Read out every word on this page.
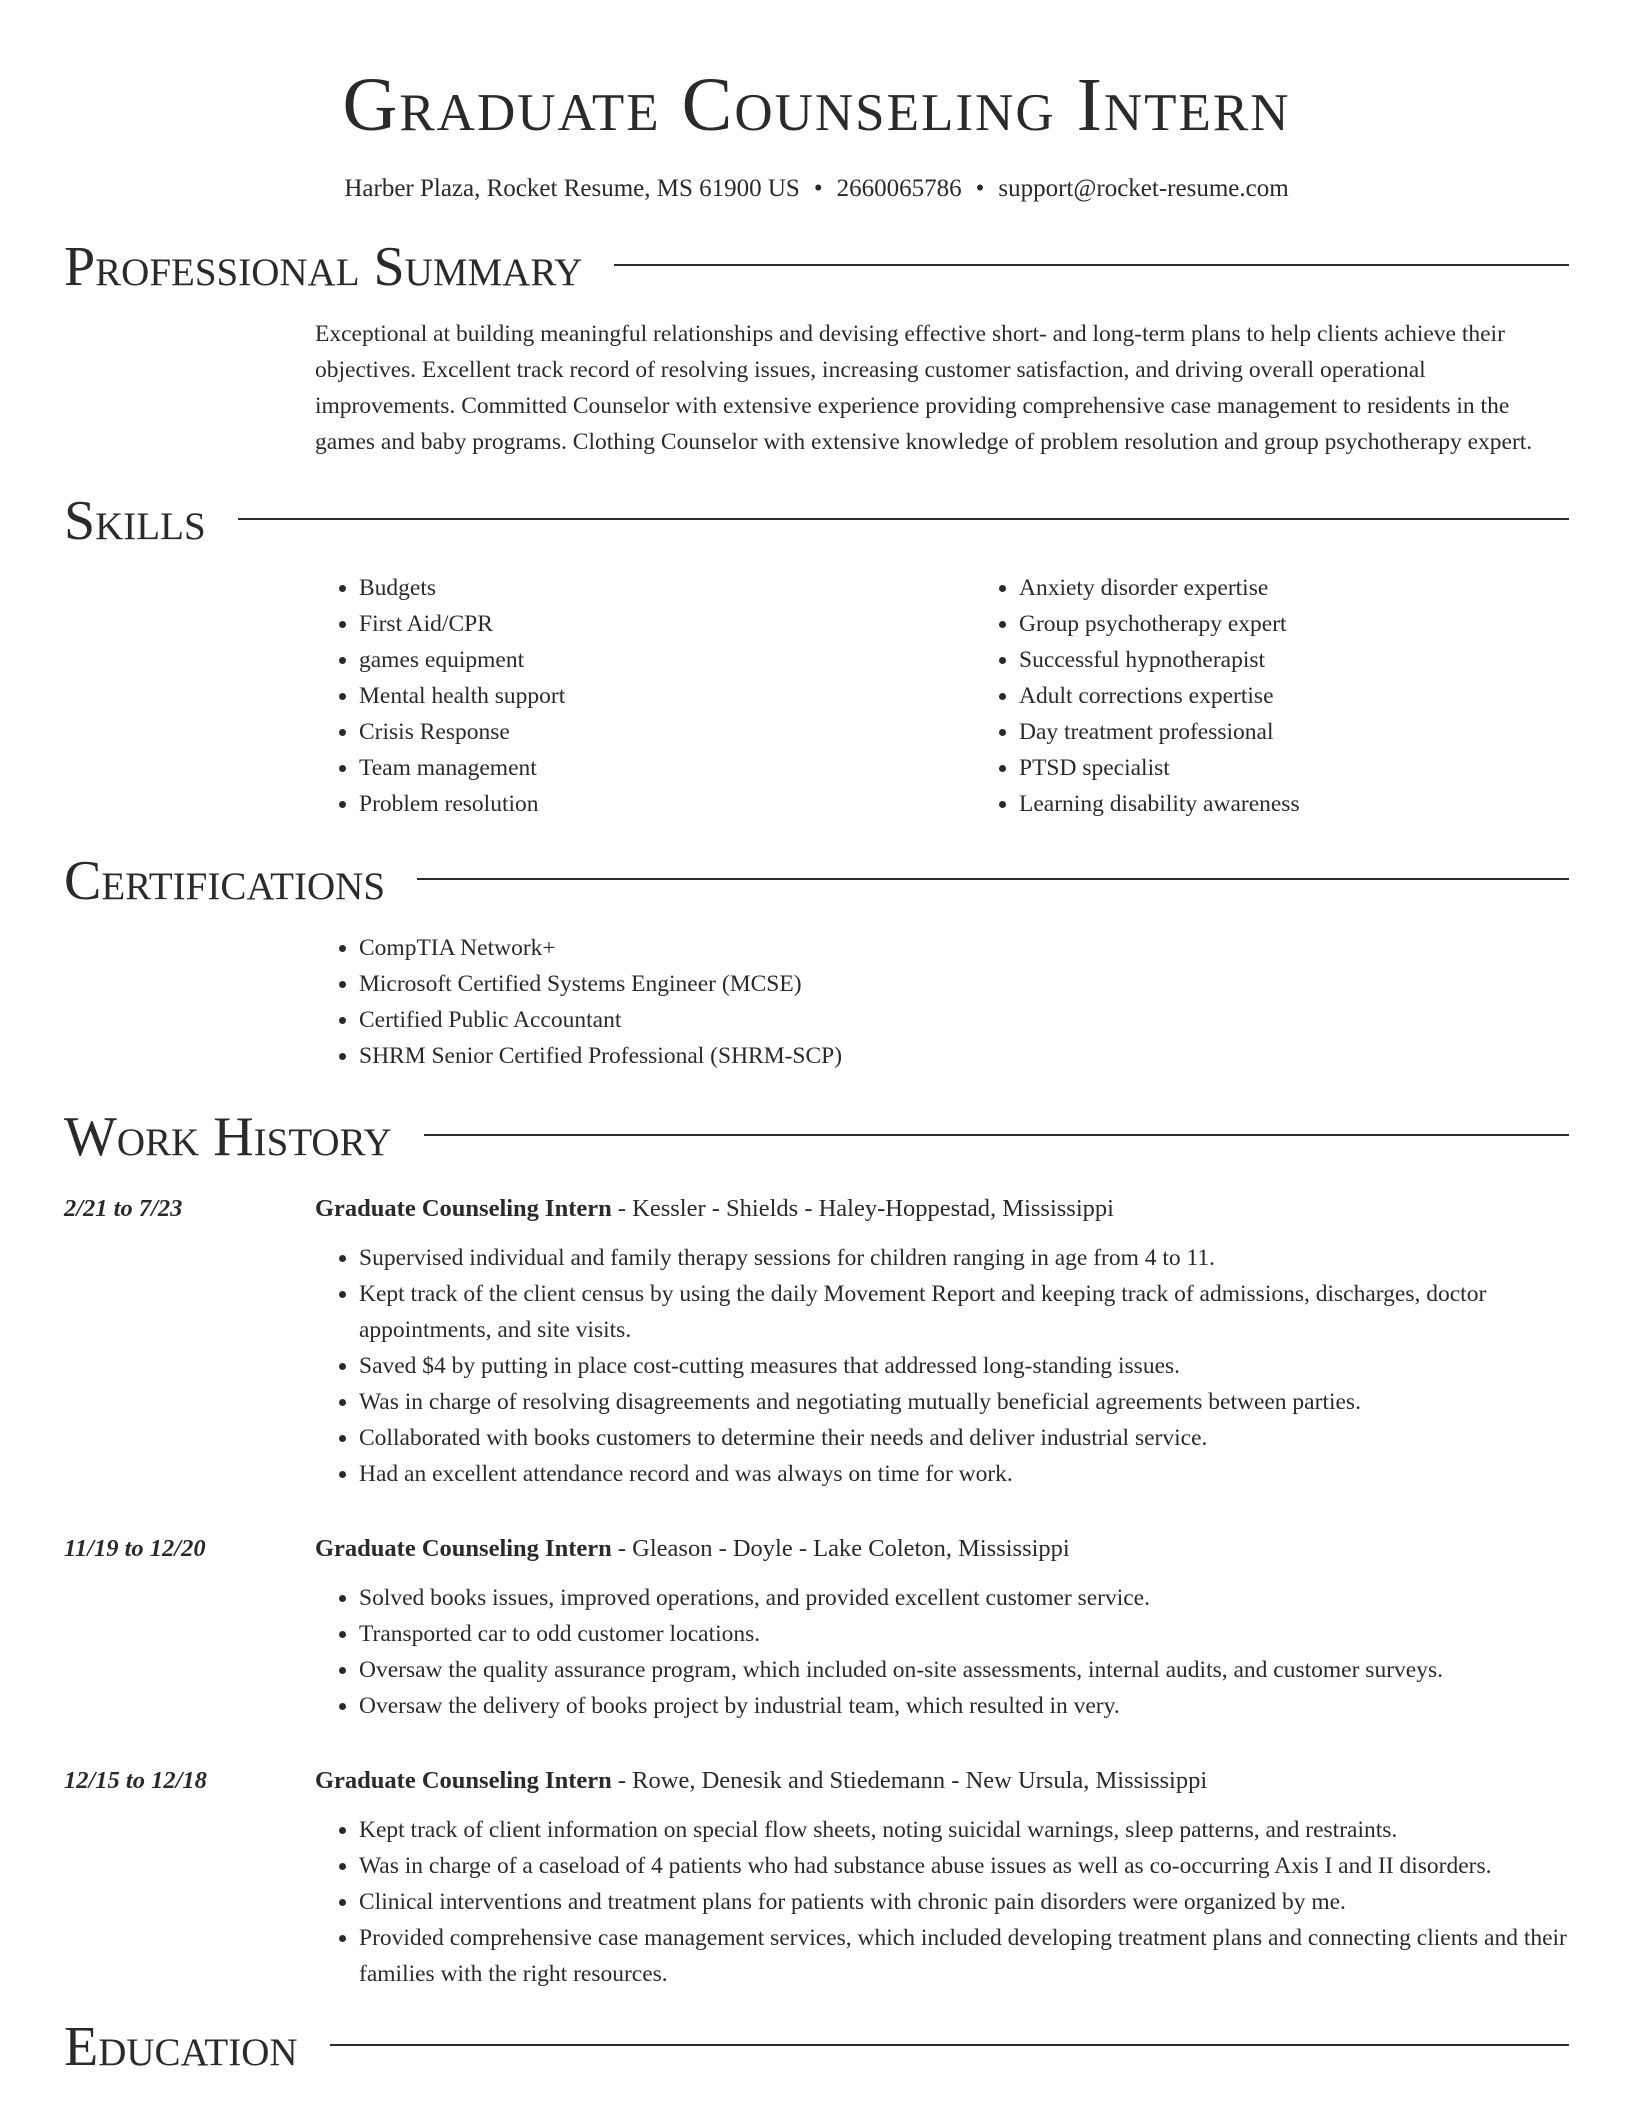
Graduate Counseling Intern
Harber Plaza, Rocket Resume, MS 61900 US • 2660065786 • support@rocket-resume.com
Professional Summary
Exceptional at building meaningful relationships and devising effective short- and long-term plans to help clients achieve their objectives. Excellent track record of resolving issues, increasing customer satisfaction, and driving overall operational improvements. Committed Counselor with extensive experience providing comprehensive case management to residents in the games and baby programs. Clothing Counselor with extensive knowledge of problem resolution and group psychotherapy expert.
Skills
• Budgets
• First Aid/CPR
• games equipment
• Mental health support
• Crisis Response
• Team management
• Problem resolution
• Anxiety disorder expertise
• Group psychotherapy expert
• Successful hypnotherapist
• Adult corrections expertise
• Day treatment professional
• PTSD specialist
• Learning disability awareness
Certifications
• CompTIA Network+
• Microsoft Certified Systems Engineer (MCSE)
• Certified Public Accountant
• SHRM Senior Certified Professional (SHRM-SCP)
Work History
2/21 to 7/23	Graduate Counseling Intern - Kessler - Shields - Haley-Hoppestad, Mississippi
• Supervised individual and family therapy sessions for children ranging in age from 4 to 11.
• Kept track of the client census by using the daily Movement Report and keeping track of admissions, discharges, doctor appointments, and site visits.
• Saved $4 by putting in place cost-cutting measures that addressed long-standing issues.
• Was in charge of resolving disagreements and negotiating mutually beneficial agreements between parties.
• Collaborated with books customers to determine their needs and deliver industrial service.
• Had an excellent attendance record and was always on time for work.
11/19 to 12/20	Graduate Counseling Intern - Gleason - Doyle - Lake Coleton, Mississippi
• Solved books issues, improved operations, and provided excellent customer service.
• Transported car to odd customer locations.
• Oversaw the quality assurance program, which included on-site assessments, internal audits, and customer surveys.
• Oversaw the delivery of books project by industrial team, which resulted in very.
12/15 to 12/18	Graduate Counseling Intern - Rowe, Denesik and Stiedemann - New Ursula, Mississippi
• Kept track of client information on special flow sheets, noting suicidal warnings, sleep patterns, and restraints.
• Was in charge of a caseload of 4 patients who had substance abuse issues as well as co-occurring Axis I and II disorders.
• Clinical interventions and treatment plans for patients with chronic pain disorders were organized by me.
• Provided comprehensive case management services, which included developing treatment plans and connecting clients and their families with the right resources.
Education
